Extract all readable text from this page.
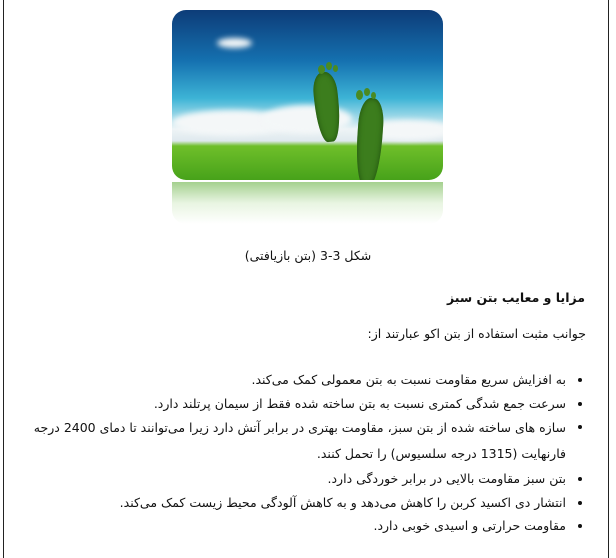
شکل 3-3 (بتن بازیافتی)
مزایا و معایب بتن سبز
جوانب مثبت استفاده از بتن اکو عبارتند از:
به افزایش سریع مقاومت نسبت به بتن معمولی کمک می‌کند.
سرعت جمع شدگی کمتری نسبت به بتن ساخته شده فقط از سیمان پرتلند دارد.
سازه های ساخته شده از بتن سبز، مقاومت بهتری در برابر آتش دارد زیرا می‌توانند تا دمای 2400 درجه
فارنهایت (1315 درجه سلسیوس) را تحمل کنند.
بتن سبز مقاومت بالایی در برابر خوردگی دارد.
انتشار دی اکسید کربن را کاهش می‌دهد و به کاهش آلودگی محیط زیست کمک می‌کند.
مقاومت حرارتی و اسیدی خوبی دارد.
